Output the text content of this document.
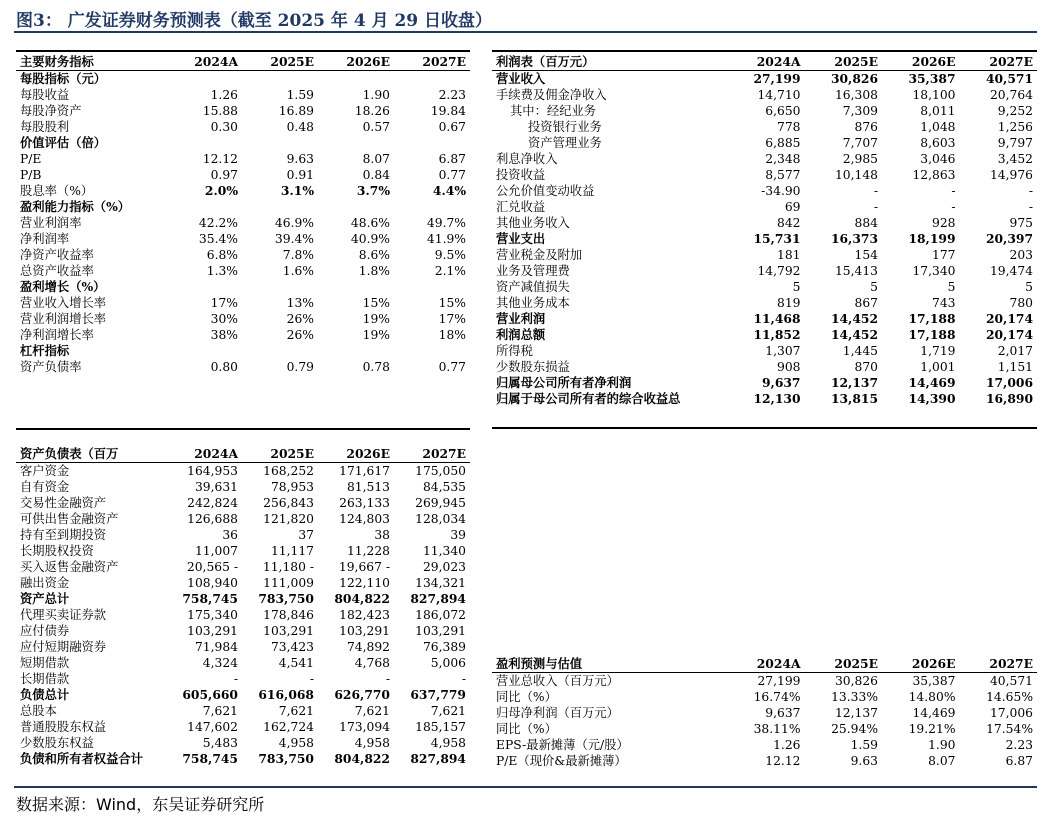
图3： 广发证券财务预测表（截至 2025 年 4 月 29 日收盘）
主要财务指标	2024A	2025E	2026E	2027E
每股指标（元）				
每股收益	1.26	1.59	1.90	2.23
每股净资产	15.88	16.89	18.26	19.84
每股股利	0.30	0.48	0.57	0.67
价值评估（倍）				
P/E	12.12	9.63	8.07	6.87
P/B	0.97	0.91	0.84	0.77
股息率（%）	2.0%	3.1%	3.7%	4.4%
盈利能力指标（%）				
营业利润率	42.2%	46.9%	48.6%	49.7%
净利润率	35.4%	39.4%	40.9%	41.9%
净资产收益率	6.8%	7.8%	8.6%	9.5%
总资产收益率	1.3%	1.6%	1.8%	2.1%
盈利增长（%）				
营业收入增长率	17%	13%	15%	15%
营业利润增长率	30%	26%	19%	17%
净利润增长率	38%	26%	19%	18%
杠杆指标				
资产负债率	0.80	0.79	0.78	0.77
利润表（百万元）	2024A	2025E	2026E	2027E
营业收入	27,199	30,826	35,387	40,571
手续费及佣金净收入	14,710	16,308	18,100	20,764
其中：经纪业务	6,650	7,309	8,011	9,252
投资银行业务	778	876	1,048	1,256
资产管理业务	6,885	7,707	8,603	9,797
利息净收入	2,348	2,985	3,046	3,452
投资收益	8,577	10,148	12,863	14,976
公允价值变动收益	-34.90	-	-	-
汇兑收益	69	-	-	-
其他业务收入	842	884	928	975
营业支出	15,731	16,373	18,199	20,397
营业税金及附加	181	154	177	203
业务及管理费	14,792	15,413	17,340	19,474
资产减值损失	5	5	5	5
其他业务成本	819	867	743	780
营业利润	11,468	14,452	17,188	20,174
利润总额	11,852	14,452	17,188	20,174
所得税	1,307	1,445	1,719	2,017
少数股东损益	908	870	1,001	1,151
归属母公司所有者净利润	9,637	12,137	14,469	17,006
归属于母公司所有者的综合收益总	12,130	13,815	14,390	16,890
资产负债表（百万	2024A	2025E	2026E	2027E
客户资金	164,953	168,252	171,617	175,050
自有资金	39,631	78,953	81,513	84,535
交易性金融资产	242,824	256,843	263,133	269,945
可供出售金融资产	126,688	121,820	124,803	128,034
持有至到期投资	36	37	38	39
长期股权投资	11,007	11,117	11,228	11,340
买入返售金融资产	20,565 -	11,180 -	19,667 -	29,023
融出资金	108,940	111,009	122,110	134,321
资产总计	758,745	783,750	804,822	827,894
代理买卖证券款	175,340	178,846	182,423	186,072
应付债券	103,291	103,291	103,291	103,291
应付短期融资券	71,984	73,423	74,892	76,389
短期借款	4,324	4,541	4,768	5,006
长期借款	-	-	-	-
负债总计	605,660	616,068	626,770	637,779
总股本	7,621	7,621	7,621	7,621
普通股股东权益	147,602	162,724	173,094	185,157
少数股东权益	5,483	4,958	4,958	4,958
负债和所有者权益合计	758,745	783,750	804,822	827,894
盈利预测与估值	2024A	2025E	2026E	2027E
营业总收入（百万元）	27,199	30,826	35,387	40,571
同比（%）	16.74%	13.33%	14.80%	14.65%
归母净利润（百万元）	9,637	12,137	14,469	17,006
同比（%）	38.11%	25.94%	19.21%	17.54%
EPS-最新摊薄（元/股）	1.26	1.59	1.90	2.23
P/E（现价&最新摊薄）	12.12	9.63	8.07	6.87
数据来源：Wind，东吴证券研究所
